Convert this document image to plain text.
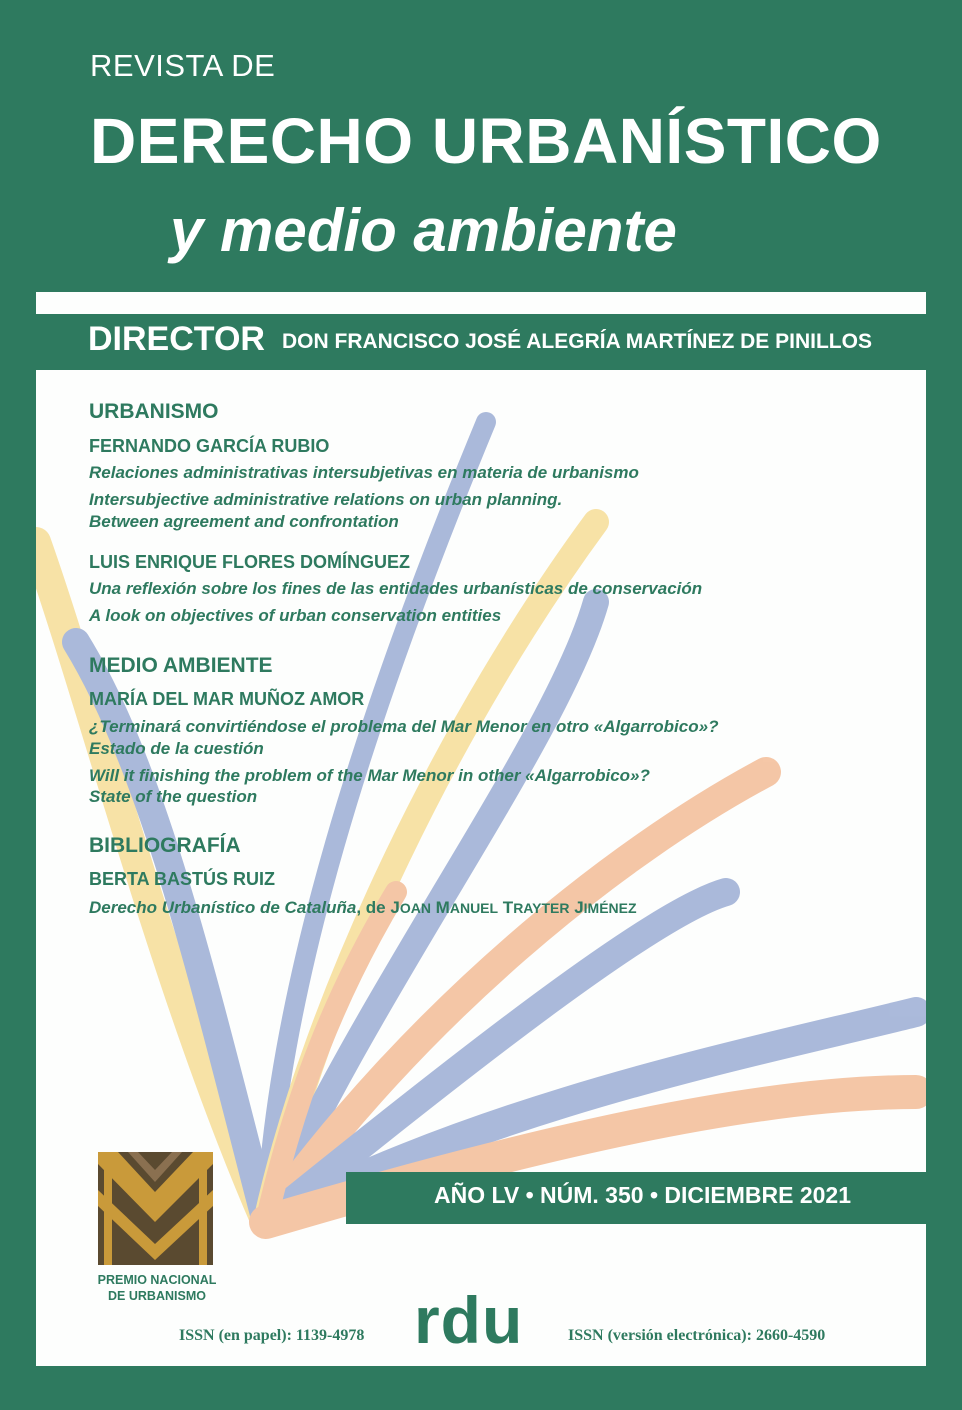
REVISTA DE
DERECHO URBANÍSTICO
y medio ambiente
URBANISMO
FERNANDO GARCÍA RUBIO
Relaciones administrativas intersubjetivas en materia de urbanismo
Intersubjective administrative relations on urban planning.
Between agreement and confrontation
LUIS ENRIQUE FLORES DOMÍNGUEZ
Una reflexión sobre los fines de las entidades urbanísticas de conservación
A look on objectives of urban conservation entities
MEDIO AMBIENTE
MARÍA DEL MAR MUÑOZ AMOR
¿Terminará convirtiéndose el problema del Mar Menor en otro «Algarrobico»?
Estado de la cuestión
Will it finishing the problem of the Mar Menor in other «Algarrobico»?
State of the question
BIBLIOGRAFÍA
BERTA BASTÚS RUIZ
Derecho Urbanístico de Cataluña, de JOAN MANUEL TRAYTER JIMÉNEZ
AÑO LV • NÚM. 350 • DICIEMBRE 2021
PREMIO NACIONAL
DE URBANISMO
ISSN (en papel): 1139-4978 rdu	ISSN (versión electrónica): 2660-4590
DIRECTOR DON FRANCISCO JOSÉ ALEGRÍA MARTÍNEZ DE PINILLOS
